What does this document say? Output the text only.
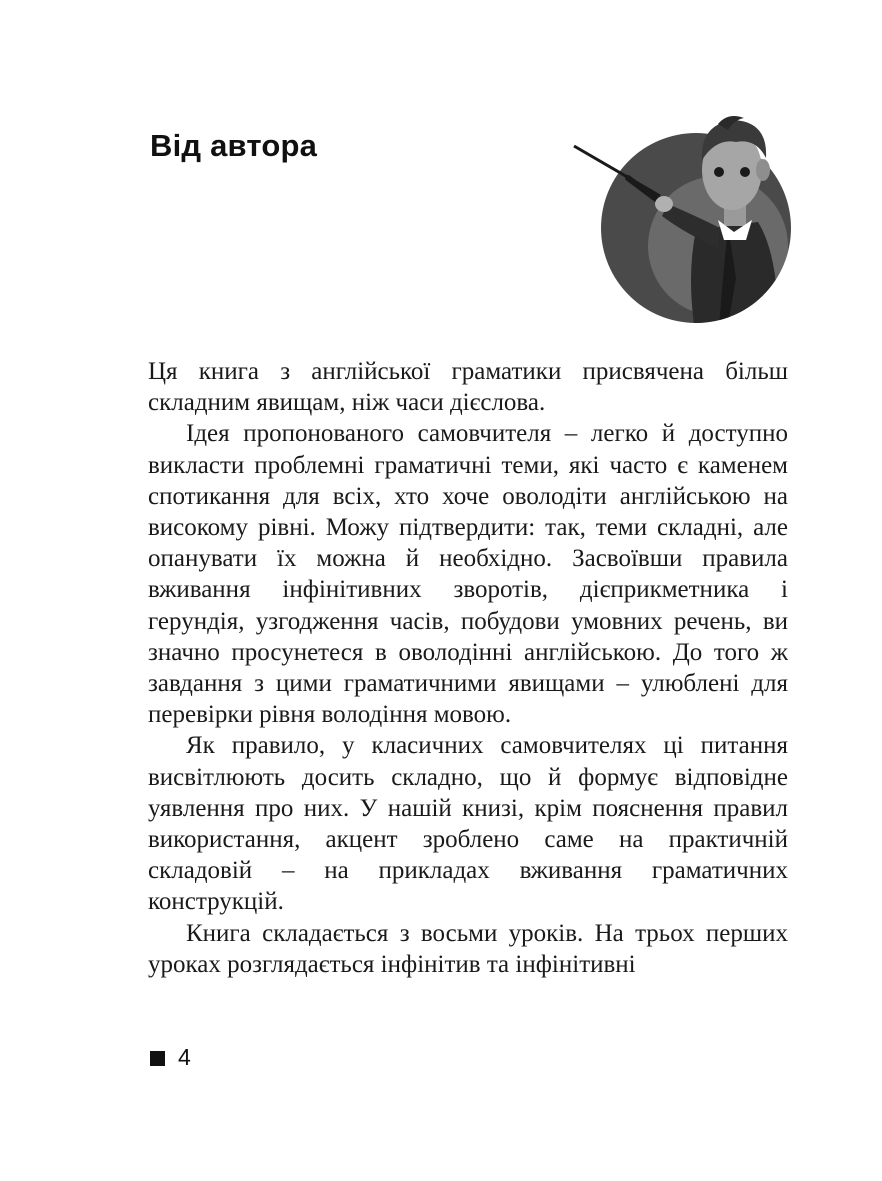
Від автора

Ця книга з англійської граматики присвячена більш складним явищам, ніж часи дієслова.

Ідея пропонованого самовчителя – легко й доступно викласти проблемні граматичні теми, які часто є каменем спотикання для всіх, хто хоче оволодіти англійською на високому рівні. Можу підтвердити: так, теми складні, але опанувати їх можна й необхідно. Засвоївши правила вживання інфінітивних зворотів, дієприкметника і герундія, узгодження часів, побудови умовних речень, ви значно просунетеся в оволодінні англійською. До того ж завдання з цими граматичними явищами – улюблені для перевірки рівня володіння мовою.

Як правило, у класичних самовчителях ці питання висвітлюють досить складно, що й формує відповідне уявлення про них. У нашій книзі, крім пояснення правил використання, акцент зроблено саме на практичній складовій – на прикладах вживання граматичних конструкцій.

Книга складається з восьми уроків. На трьох перших уроках розглядається інфінітив та інфінітивні

4
